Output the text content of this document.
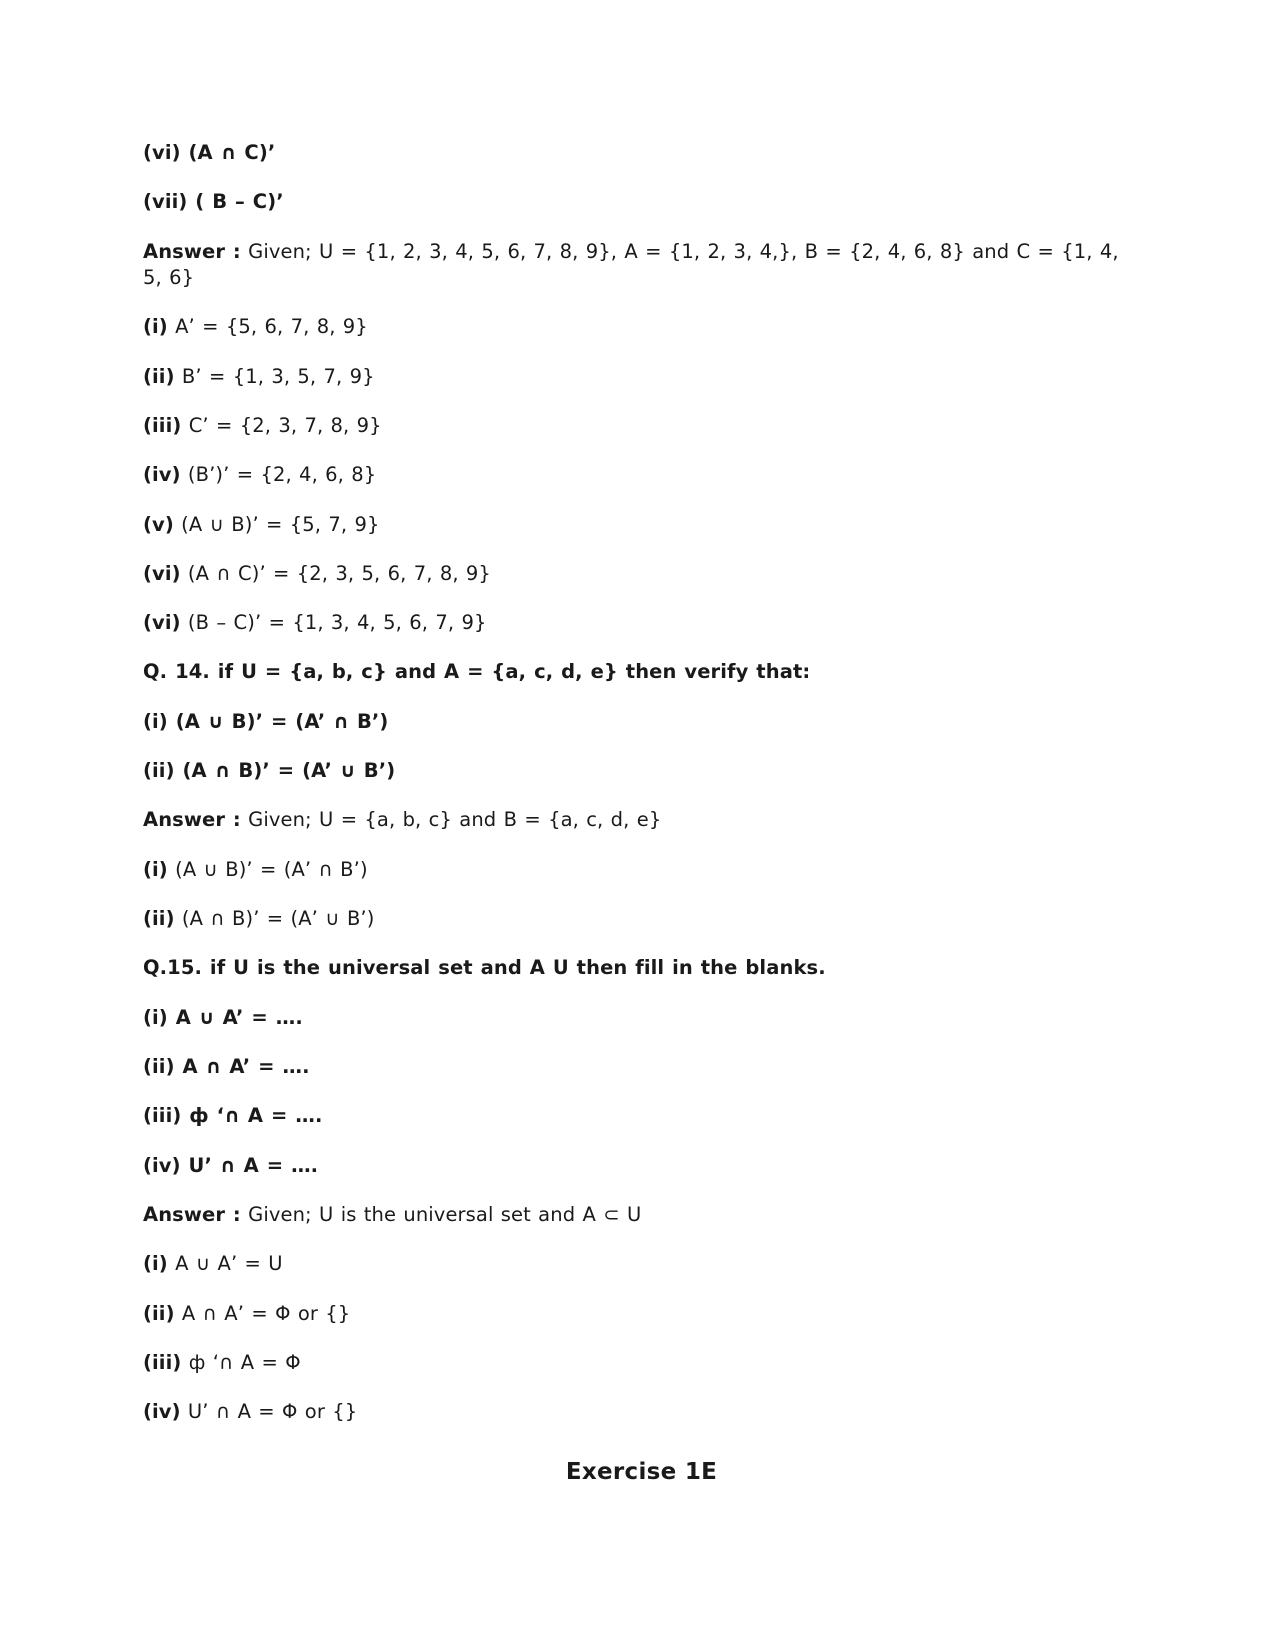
(vi) (A ∩ C)’

(vii) ( B – C)’

Answer : Given; U = {1, 2, 3, 4, 5, 6, 7, 8, 9}, A = {1, 2, 3, 4,}, B = {2, 4, 6, 8} and C = {1, 4, 5, 6}

(i) A’ = {5, 6, 7, 8, 9}

(ii) B’ = {1, 3, 5, 7, 9}

(iii) C’ = {2, 3, 7, 8, 9}

(iv) (B’)’ = {2, 4, 6, 8}

(v) (A ∪ B)’ = {5, 7, 9}

(vi) (A ∩ C)’ = {2, 3, 5, 6, 7, 8, 9}

(vi) (B – C)’ = {1, 3, 4, 5, 6, 7, 9}

Q. 14. if U = {a, b, c} and A = {a, c, d, e} then verify that:

(i) (A ∪ B)’ = (A’ ∩ B’)

(ii) (A ∩ B)’ = (A’ ∪ B’)

Answer : Given; U = {a, b, c} and B = {a, c, d, e}

(i) (A ∪ B)’ = (A’ ∩ B’)

(ii) (A ∩ B)’ = (A’ ∪ B’)

Q.15. if U is the universal set and A U then fill in the blanks.

(i) A ∪ A’ = ….

(ii) A ∩ A’ = ….

(iii) ф ‘∩ A = ….

(iv) U’ ∩ A = ….

Answer : Given; U is the universal set and A ⊂ U

(i) A ∪ A’ = U

(ii) A ∩ A’ = Φ or {}

(iii) ф ‘∩ A = Φ

(iv) U’ ∩ A = Φ or {}

Exercise 1E
